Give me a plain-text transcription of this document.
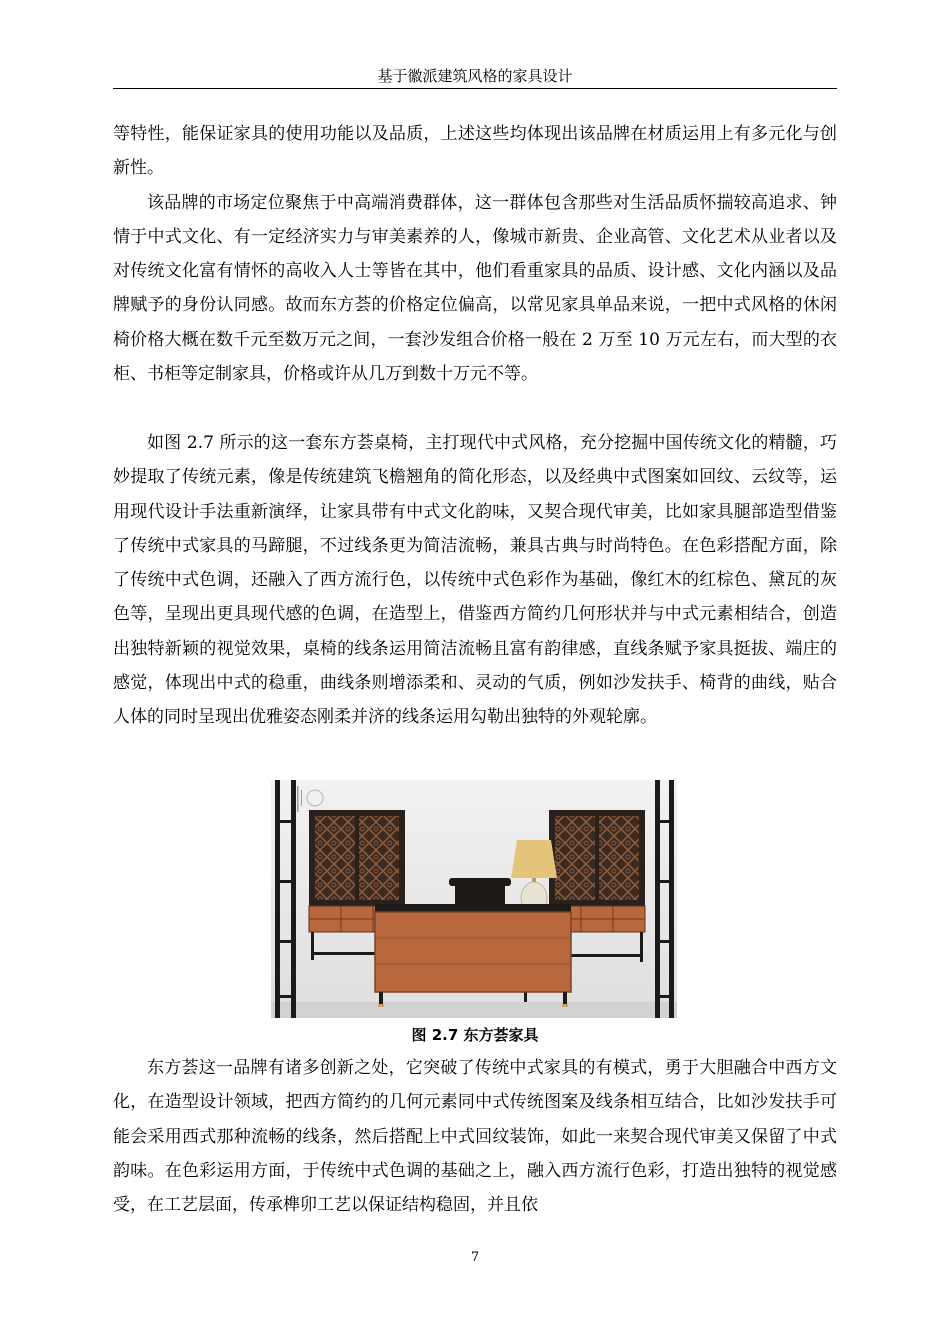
基于徽派建筑风格的家具设计

等特性，能保证家具的使用功能以及品质，上述这些均体现出该品牌在材质运用上有多元化与创新性。

该品牌的市场定位聚焦于中高端消费群体，这一群体包含那些对生活品质怀揣较高追求、钟情于中式文化、有一定经济实力与审美素养的人，像城市新贵、企业高管、文化艺术从业者以及对传统文化富有情怀的高收入人士等皆在其中，他们看重家具的品质、设计感、文化内涵以及品牌赋予的身份认同感。故而东方荟的价格定位偏高，以常见家具单品来说，一把中式风格的休闲椅价格大概在数千元至数万元之间，一套沙发组合价格一般在 2 万至 10 万元左右，而大型的衣柜、书柜等定制家具，价格或许从几万到数十万元不等。

如图 2.7 所示的这一套东方荟桌椅，主打现代中式风格，充分挖掘中国传统文化的精髓，巧妙提取了传统元素，像是传统建筑飞檐翘角的简化形态，以及经典中式图案如回纹、云纹等，运用现代设计手法重新演绎，让家具带有中式文化韵味，又契合现代审美，比如家具腿部造型借鉴了传统中式家具的马蹄腿，不过线条更为简洁流畅，兼具古典与时尚特色。在色彩搭配方面，除了传统中式色调，还融入了西方流行色，以传统中式色彩作为基础，像红木的红棕色、黛瓦的灰色等，呈现出更具现代感的色调，在造型上，借鉴西方简约几何形状并与中式元素相结合，创造出独特新颖的视觉效果，桌椅的线条运用简洁流畅且富有韵律感，直线条赋予家具挺拔、端庄的感觉，体现出中式的稳重，曲线条则增添柔和、灵动的气质，例如沙发扶手、椅背的曲线，贴合人体的同时呈现出优雅姿态刚柔并济的线条运用勾勒出独特的外观轮廓。

图 2.7 东方荟家具

东方荟这一品牌有诸多创新之处，它突破了传统中式家具的有模式，勇于大胆融合中西方文化，在造型设计领域，把西方简约的几何元素同中式传统图案及线条相互结合，比如沙发扶手可能会采用西式那种流畅的线条，然后搭配上中式回纹装饰，如此一来契合现代审美又保留了中式韵味。在色彩运用方面，于传统中式色调的基础之上，融入西方流行色彩，打造出独特的视觉感受，在工艺层面，传承榫卯工艺以保证结构稳固，并且依

7
